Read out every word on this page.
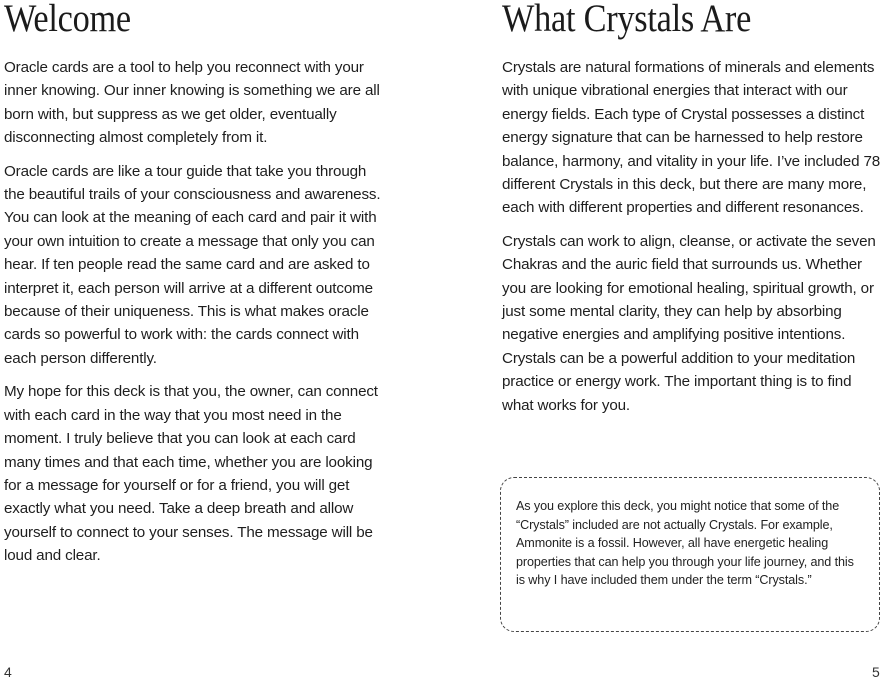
Welcome

Oracle cards are a tool to help you reconnect with your inner knowing. Our inner knowing is something we are all born with, but suppress as we get older, eventually disconnecting almost completely from it.

Oracle cards are like a tour guide that take you through the beautiful trails of your consciousness and awareness. You can look at the meaning of each card and pair it with your own intuition to create a message that only you can hear. If ten people read the same card and are asked to interpret it, each person will arrive at a different outcome because of their uniqueness. This is what makes oracle cards so powerful to work with: the cards connect with each person differently.

My hope for this deck is that you, the owner, can connect with each card in the way that you most need in the moment. I truly believe that you can look at each card many times and that each time, whether you are looking for a message for yourself or for a friend, you will get exactly what you need. Take a deep breath and allow yourself to connect to your senses. The message will be loud and clear.

What Crystals Are

Crystals are natural formations of minerals and elements with unique vibrational energies that interact with our energy fields. Each type of Crystal possesses a distinct energy signature that can be harnessed to help restore balance, harmony, and vitality in your life. I’ve included 78 different Crystals in this deck, but there are many more, each with different properties and different resonances.

Crystals can work to align, cleanse, or activate the seven Chakras and the auric field that surrounds us. Whether you are looking for emotional healing, spiritual growth, or just some mental clarity, they can help by absorbing negative energies and amplifying positive intentions. Crystals can be a powerful addition to your meditation practice or energy work. The important thing is to find what works for you.

As you explore this deck, you might notice that some of the “Crystals” included are not actually Crystals. For example, Ammonite is a fossil. However, all have energetic healing properties that can help you through your life journey, and this is why I have included them under the term “Crystals.”

4	5
